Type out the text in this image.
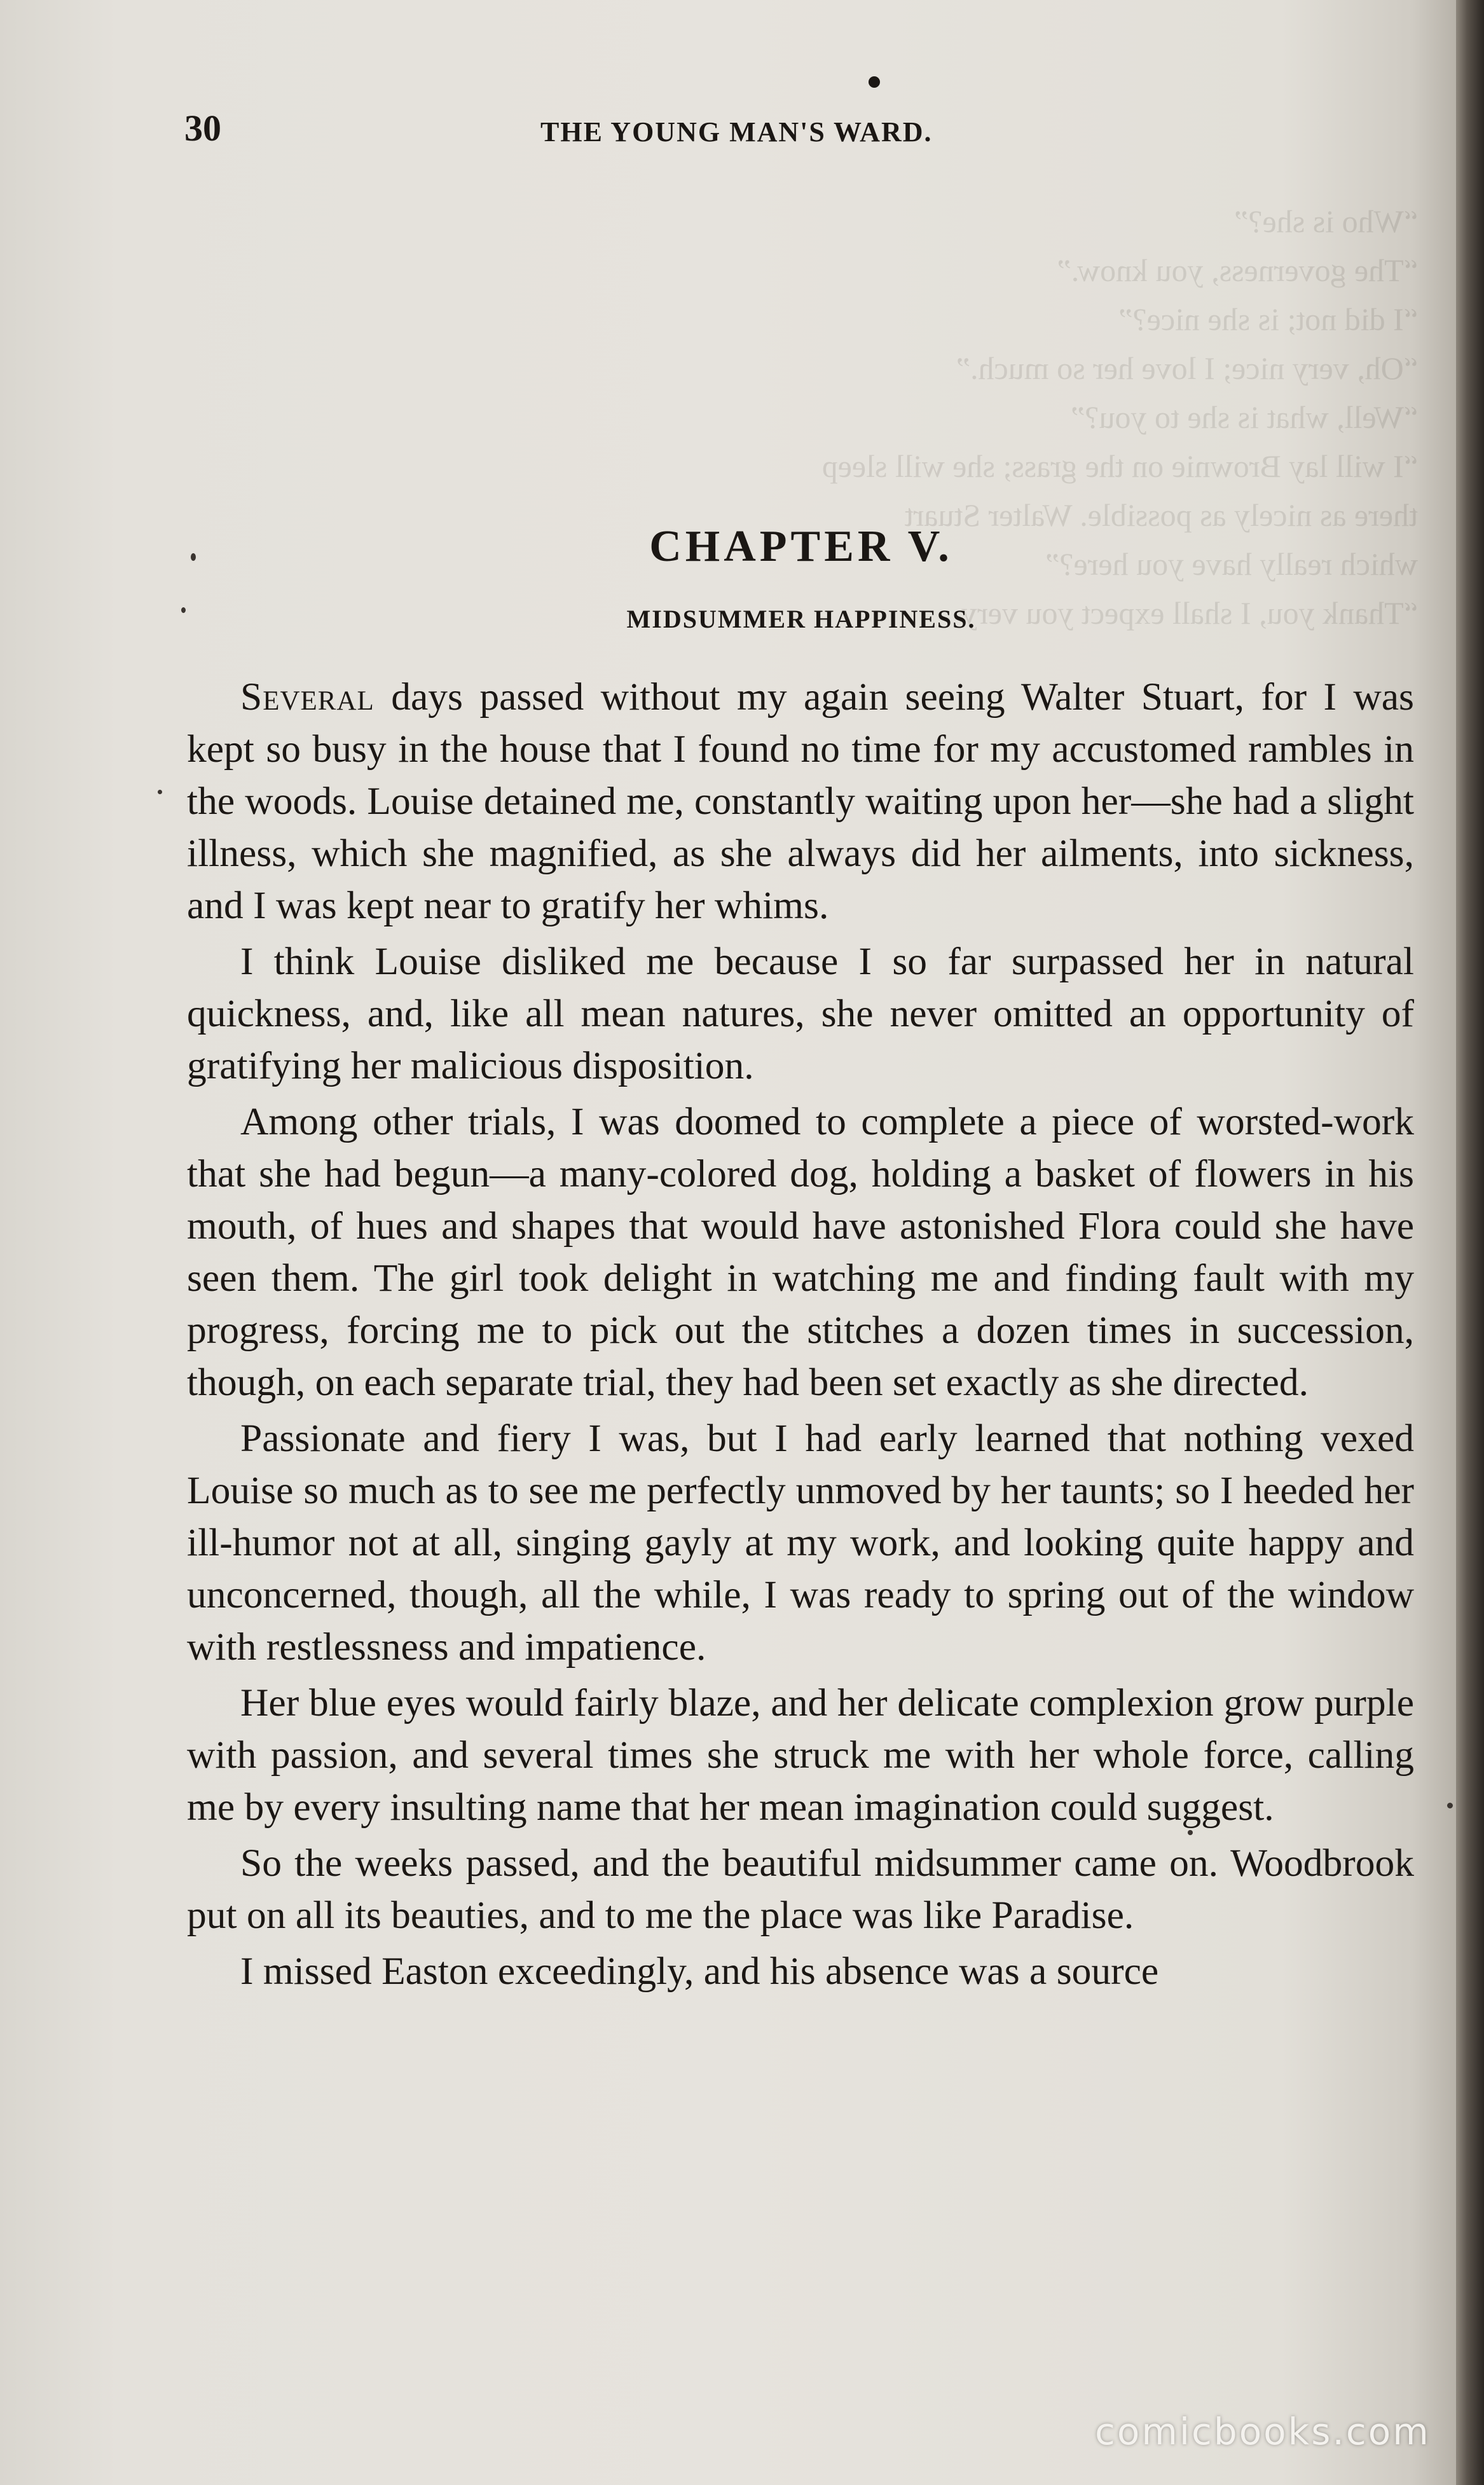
“Who is she?”
“The governess, you know.”
“I did not; is she nice?”
“Oh, very nice; I love her so much.”
“Well, what is she to you?”
“I will lay Brownie on the grass; she will sleep
there as nicely as possible. Walter Stuart
which really have you here?”
“Thank you, I shall expect you very
30	THE YOUNG MAN'S WARD.
CHAPTER V.
MIDSUMMER HAPPINESS.

Several days passed without my again seeing Walter Stuart, for I was kept so busy in the house that I found no time for my accustomed rambles in the woods. Louise detained me, constantly waiting upon her—she had a slight illness, which she magnified, as she always did her ailments, into sickness, and I was kept near to gratify her whims.

I think Louise disliked me because I so far surpassed her in natural quickness, and, like all mean natures, she never omitted an opportunity of gratifying her malicious disposition.

Among other trials, I was doomed to complete a piece of worsted-work that she had begun—a many-colored dog, holding a basket of flowers in his mouth, of hues and shapes that would have astonished Flora could she have seen them. The girl took delight in watching me and finding fault with my progress, forcing me to pick out the stitches a dozen times in succession, though, on each separate trial, they had been set exactly as she directed.

Passionate and fiery I was, but I had early learned that nothing vexed Louise so much as to see me perfectly unmoved by her taunts; so I heeded her ill-humor not at all, singing gayly at my work, and looking quite happy and unconcerned, though, all the while, I was ready to spring out of the window with restlessness and impatience.

Her blue eyes would fairly blaze, and her delicate complexion grow purple with passion, and several times she struck me with her whole force, calling me by every insulting name that her mean imagination could suggest.

So the weeks passed, and the beautiful midsummer came on. Woodbrook put on all its beauties, and to me the place was like Paradise.

I missed Easton exceedingly, and his absence was a source

comicbooks.com
